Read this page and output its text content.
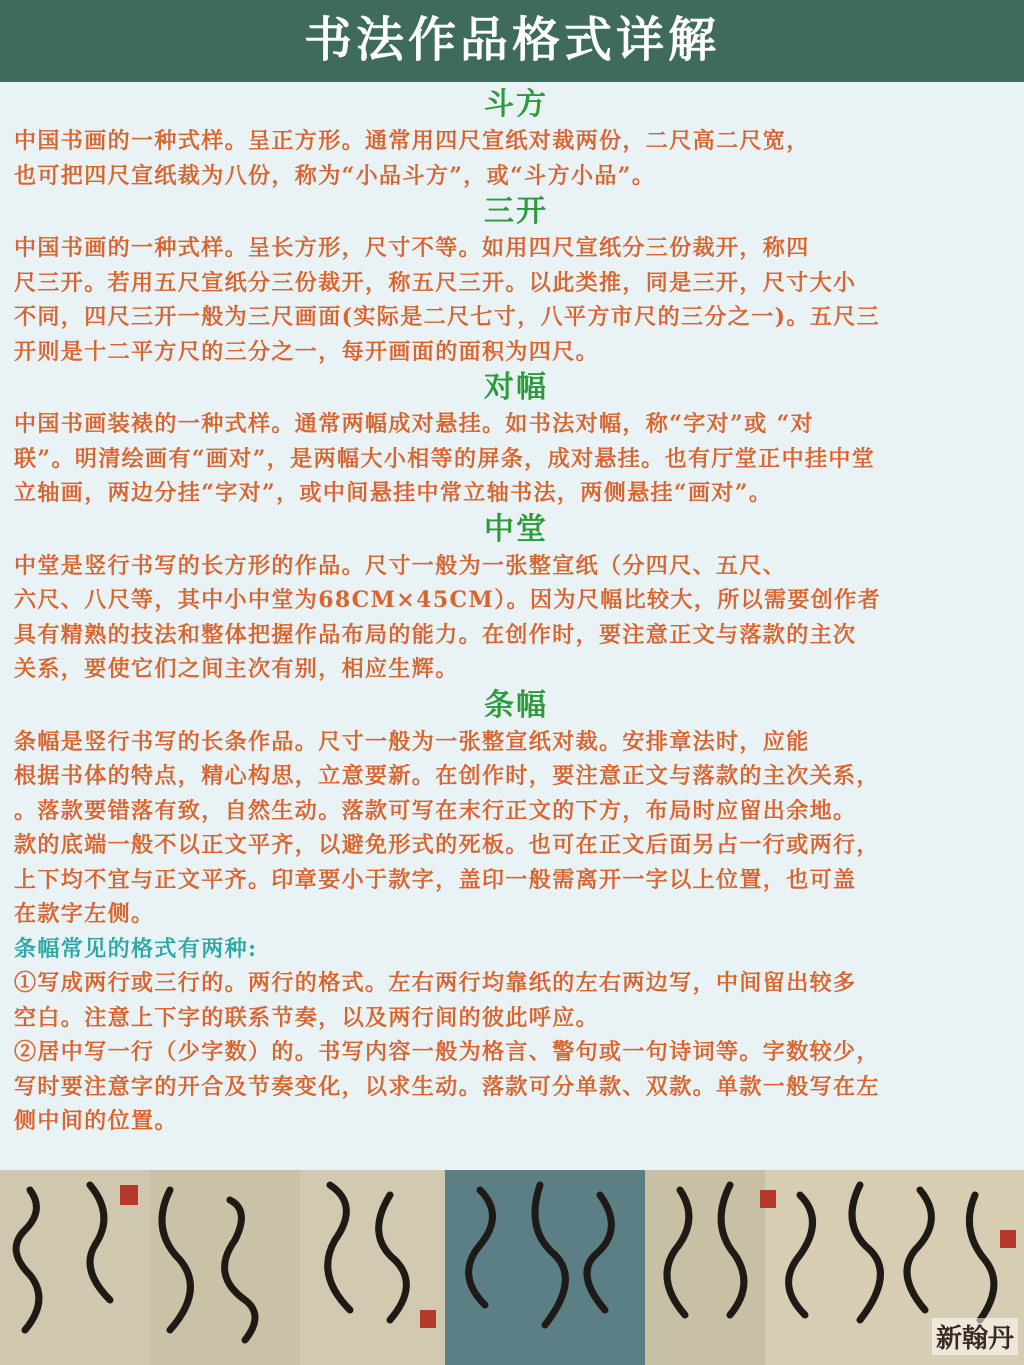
书法作品格式详解

斗方

中国书画的一种式样。呈正方形。通常用四尺宣纸对裁两份，二尺高二尺宽，

也可把四尺宣纸裁为八份，称为“小品斗方”，或“斗方小品”。

三开

中国书画的一种式样。呈长方形，尺寸不等。如用四尺宣纸分三份裁开，称四

尺三开。若用五尺宣纸分三份裁开，称五尺三开。以此类推，同是三开，尺寸大小

不同，四尺三开一般为三尺画面(实际是二尺七寸，八平方市尺的三分之一)。五尺三

开则是十二平方尺的三分之一，每开画面的面积为四尺。

对幅

中国书画装裱的一种式样。通常两幅成对悬挂。如书法对幅，称“字对”或 “对

联”。明清绘画有“画对”，是两幅大小相等的屏条，成对悬挂。也有厅堂正中挂中堂

立轴画，两边分挂“字对”，或中间悬挂中常立轴书法，两侧悬挂“画对”。

中堂

中堂是竖行书写的长方形的作品。尺寸一般为一张整宣纸（分四尺、五尺、

六尺、八尺等，其中小中堂为68CM×45CM）。因为尺幅比较大，所以需要创作者

具有精熟的技法和整体把握作品布局的能力。在创作时，要注意正文与落款的主次

关系，要使它们之间主次有别，相应生辉。

条幅

条幅是竖行书写的长条作品。尺寸一般为一张整宣纸对裁。安排章法时，应能

根据书体的特点，精心构思，立意要新。在创作时，要注意正文与落款的主次关系，

。落款要错落有致，自然生动。落款可写在末行正文的下方，布局时应留出余地。

款的底端一般不以正文平齐，以避免形式的死板。也可在正文后面另占一行或两行，

上下均不宜与正文平齐。印章要小于款字，盖印一般需离开一字以上位置，也可盖

在款字左侧。

条幅常见的格式有两种:

①写成两行或三行的。两行的格式。左右两行均靠纸的左右两边写，中间留出较多

空白。注意上下字的联系节奏，以及两行间的彼此呼应。

②居中写一行（少字数）的。书写内容一般为格言、警句或一句诗词等。字数较少，

写时要注意字的开合及节奏变化，以求生动。落款可分单款、双款。单款一般写在左

侧中间的位置。

新翰丹
